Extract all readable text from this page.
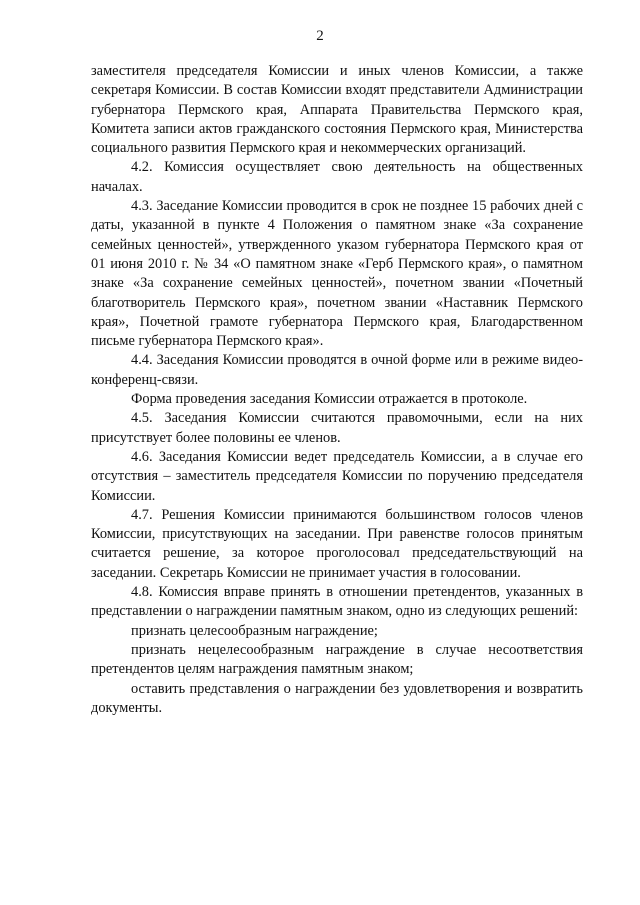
2

заместителя председателя Комиссии и иных членов Комиссии, а также секретаря Комиссии. В состав Комиссии входят представители Администрации губернатора Пермского края, Аппарата Правительства Пермского края, Комитета записи актов гражданского состояния Пермского края, Министерства социального развития Пермского края и некоммерческих организаций.

4.2. Комиссия осуществляет свою деятельность на общественных началах.

4.3. Заседание Комиссии проводится в срок не позднее 15 рабочих дней с даты, указанной в пункте 4 Положения о памятном знаке «За сохранение семейных ценностей», утвержденного указом губернатора Пермского края от 01 июня 2010 г. № 34 «О памятном знаке «Герб Пермского края», о памятном знаке «За сохранение семейных ценностей», почетном звании «Почетный благотворитель Пермского края», почетном звании «Наставник Пермского края», Почетной грамоте губернатора Пермского края, Благодарственном письме губернатора Пермского края».

4.4. Заседания Комиссии проводятся в очной форме или в режиме видео-конференц-связи.

Форма проведения заседания Комиссии отражается в протоколе.

4.5. Заседания Комиссии считаются правомочными, если на них присутствует более половины ее членов.

4.6. Заседания Комиссии ведет председатель Комиссии, а в случае его отсутствия – заместитель председателя Комиссии по поручению председателя Комиссии.

4.7. Решения Комиссии принимаются большинством голосов членов Комиссии, присутствующих на заседании. При равенстве голосов принятым считается решение, за которое проголосовал председательствующий на заседании. Секретарь Комиссии не принимает участия в голосовании.

4.8. Комиссия вправе принять в отношении претендентов, указанных в представлении о награждении памятным знаком, одно из следующих решений:

признать целесообразным награждение;

признать нецелесообразным награждение в случае несоответствия претендентов целям награждения памятным знаком;

оставить представления о награждении без удовлетворения и возвратить документы.
